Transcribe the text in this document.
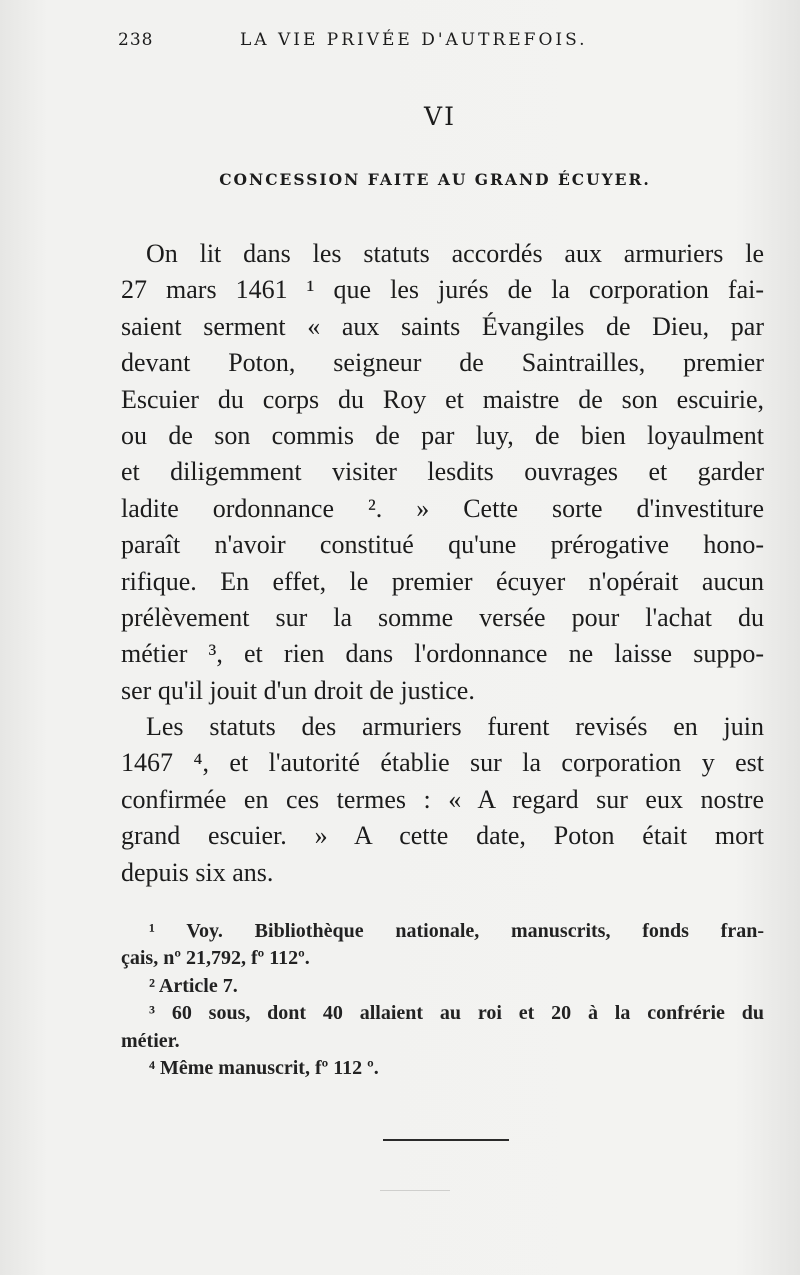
238	LA VIE PRIVÉE D'AUTREFOIS.
VI
CONCESSION FAITE AU GRAND ÉCUYER.
On lit dans les statuts accordés aux armuriers le
27 mars 1461 ¹ que les jurés de la corporation fai-
saient serment « aux saints Évangiles de Dieu, par
devant Poton, seigneur de Saintrailles, premier
Escuier du corps du Roy et maistre de son escuirie,
ou de son commis de par luy, de bien loyaulment
et diligemment visiter lesdits ouvrages et garder
ladite ordonnance ². » Cette sorte d'investiture
paraît n'avoir constitué qu'une prérogative hono-
rifique. En effet, le premier écuyer n'opérait aucun
prélèvement sur la somme versée pour l'achat du
métier ³, et rien dans l'ordonnance ne laisse suppo-
ser qu'il jouit d'un droit de justice.
Les statuts des armuriers furent revisés en juin
1467 ⁴, et l'autorité établie sur la corporation y est
confirmée en ces termes : « A regard sur eux nostre
grand escuier. » A cette date, Poton était mort
depuis six ans.
¹ Voy. Bibliothèque nationale, manuscrits, fonds fran-
çais, nº 21,792, fº 112º.
² Article 7.
³ 60 sous, dont 40 allaient au roi et 20 à la confrérie du
métier.
⁴ Même manuscrit, fº 112 º.
